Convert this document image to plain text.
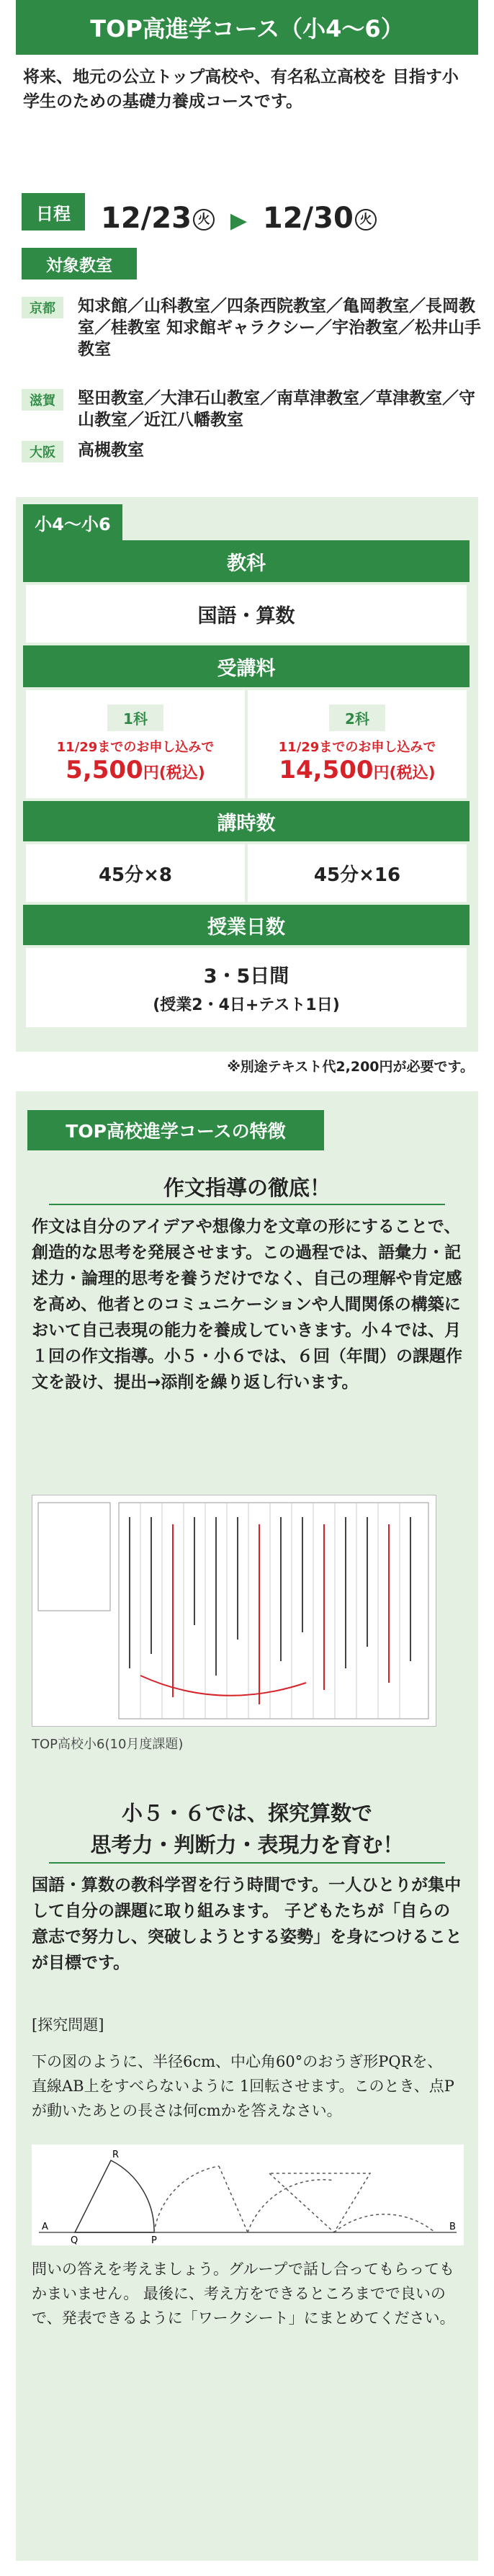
TOP高進学コース（小4〜6）
将来、地元の公立トップ高校や、有名私立高校を 目指す小学生のための基礎力養成コースです。
日程	12/23 火 ▶ 12/30 火
対象教室
京都	知求館／山科教室／四条西院教室／亀岡教室／長岡教室／桂教室 知求館ギャラクシー／宇治教室／松井山手教室
滋賀	堅田教室／大津石山教室／南草津教室／草津教室／守山教室／近江八幡教室
大阪	高槻教室
小4〜小6
教科
国語・算数
受講料
1科
11/29までのお申し込みで
5,500円(税込)
2科
11/29までのお申し込みで
14,500円(税込)
講時数
45分×8	45分×16
授業日数
3・5日間
(授業2・4日+テスト1日)
※別途テキスト代2,200円が必要です。
TOP高校進学コースの特徴
作文指導の徹底！
作文は自分のアイデアや想像力を文章の形にすることで、創造的な思考を発展させます。この過程では、語彙力・記述力・論理的思考を養うだけでなく、自己の理解や肯定感を高め、他者とのコミュニケーションや人間関係の構築において自己表現の能力を養成していきます。小４では、月１回の作文指導。小５・小６では、６回（年間）の課題作文を設け、提出→添削を繰り返し行います。
TOP高校小6(10月度課題)
小５・６では、探究算数で
思考力・判断力・表現力を育む！
国語・算数の教科学習を行う時間です。一人ひとりが集中して自分の課題に取り組みます。 子どもたちが「自らの意志で努力し、突破しようとする姿勢」を身につけることが目標です。
[探究問題]
下の図のように、半径6cm、中心角60°のおうぎ形PQRを、直線AB上をすべらないように 1回転させます。このとき、点Pが動いたあとの長さは何cmかを答えなさい。
R
A
Q	P
B
問いの答えを考えましょう。グループで話し合ってもらってもかまいません。 最後に、考え方をできるところまでで良いので、発表できるように「ワークシート」にまとめてください。
